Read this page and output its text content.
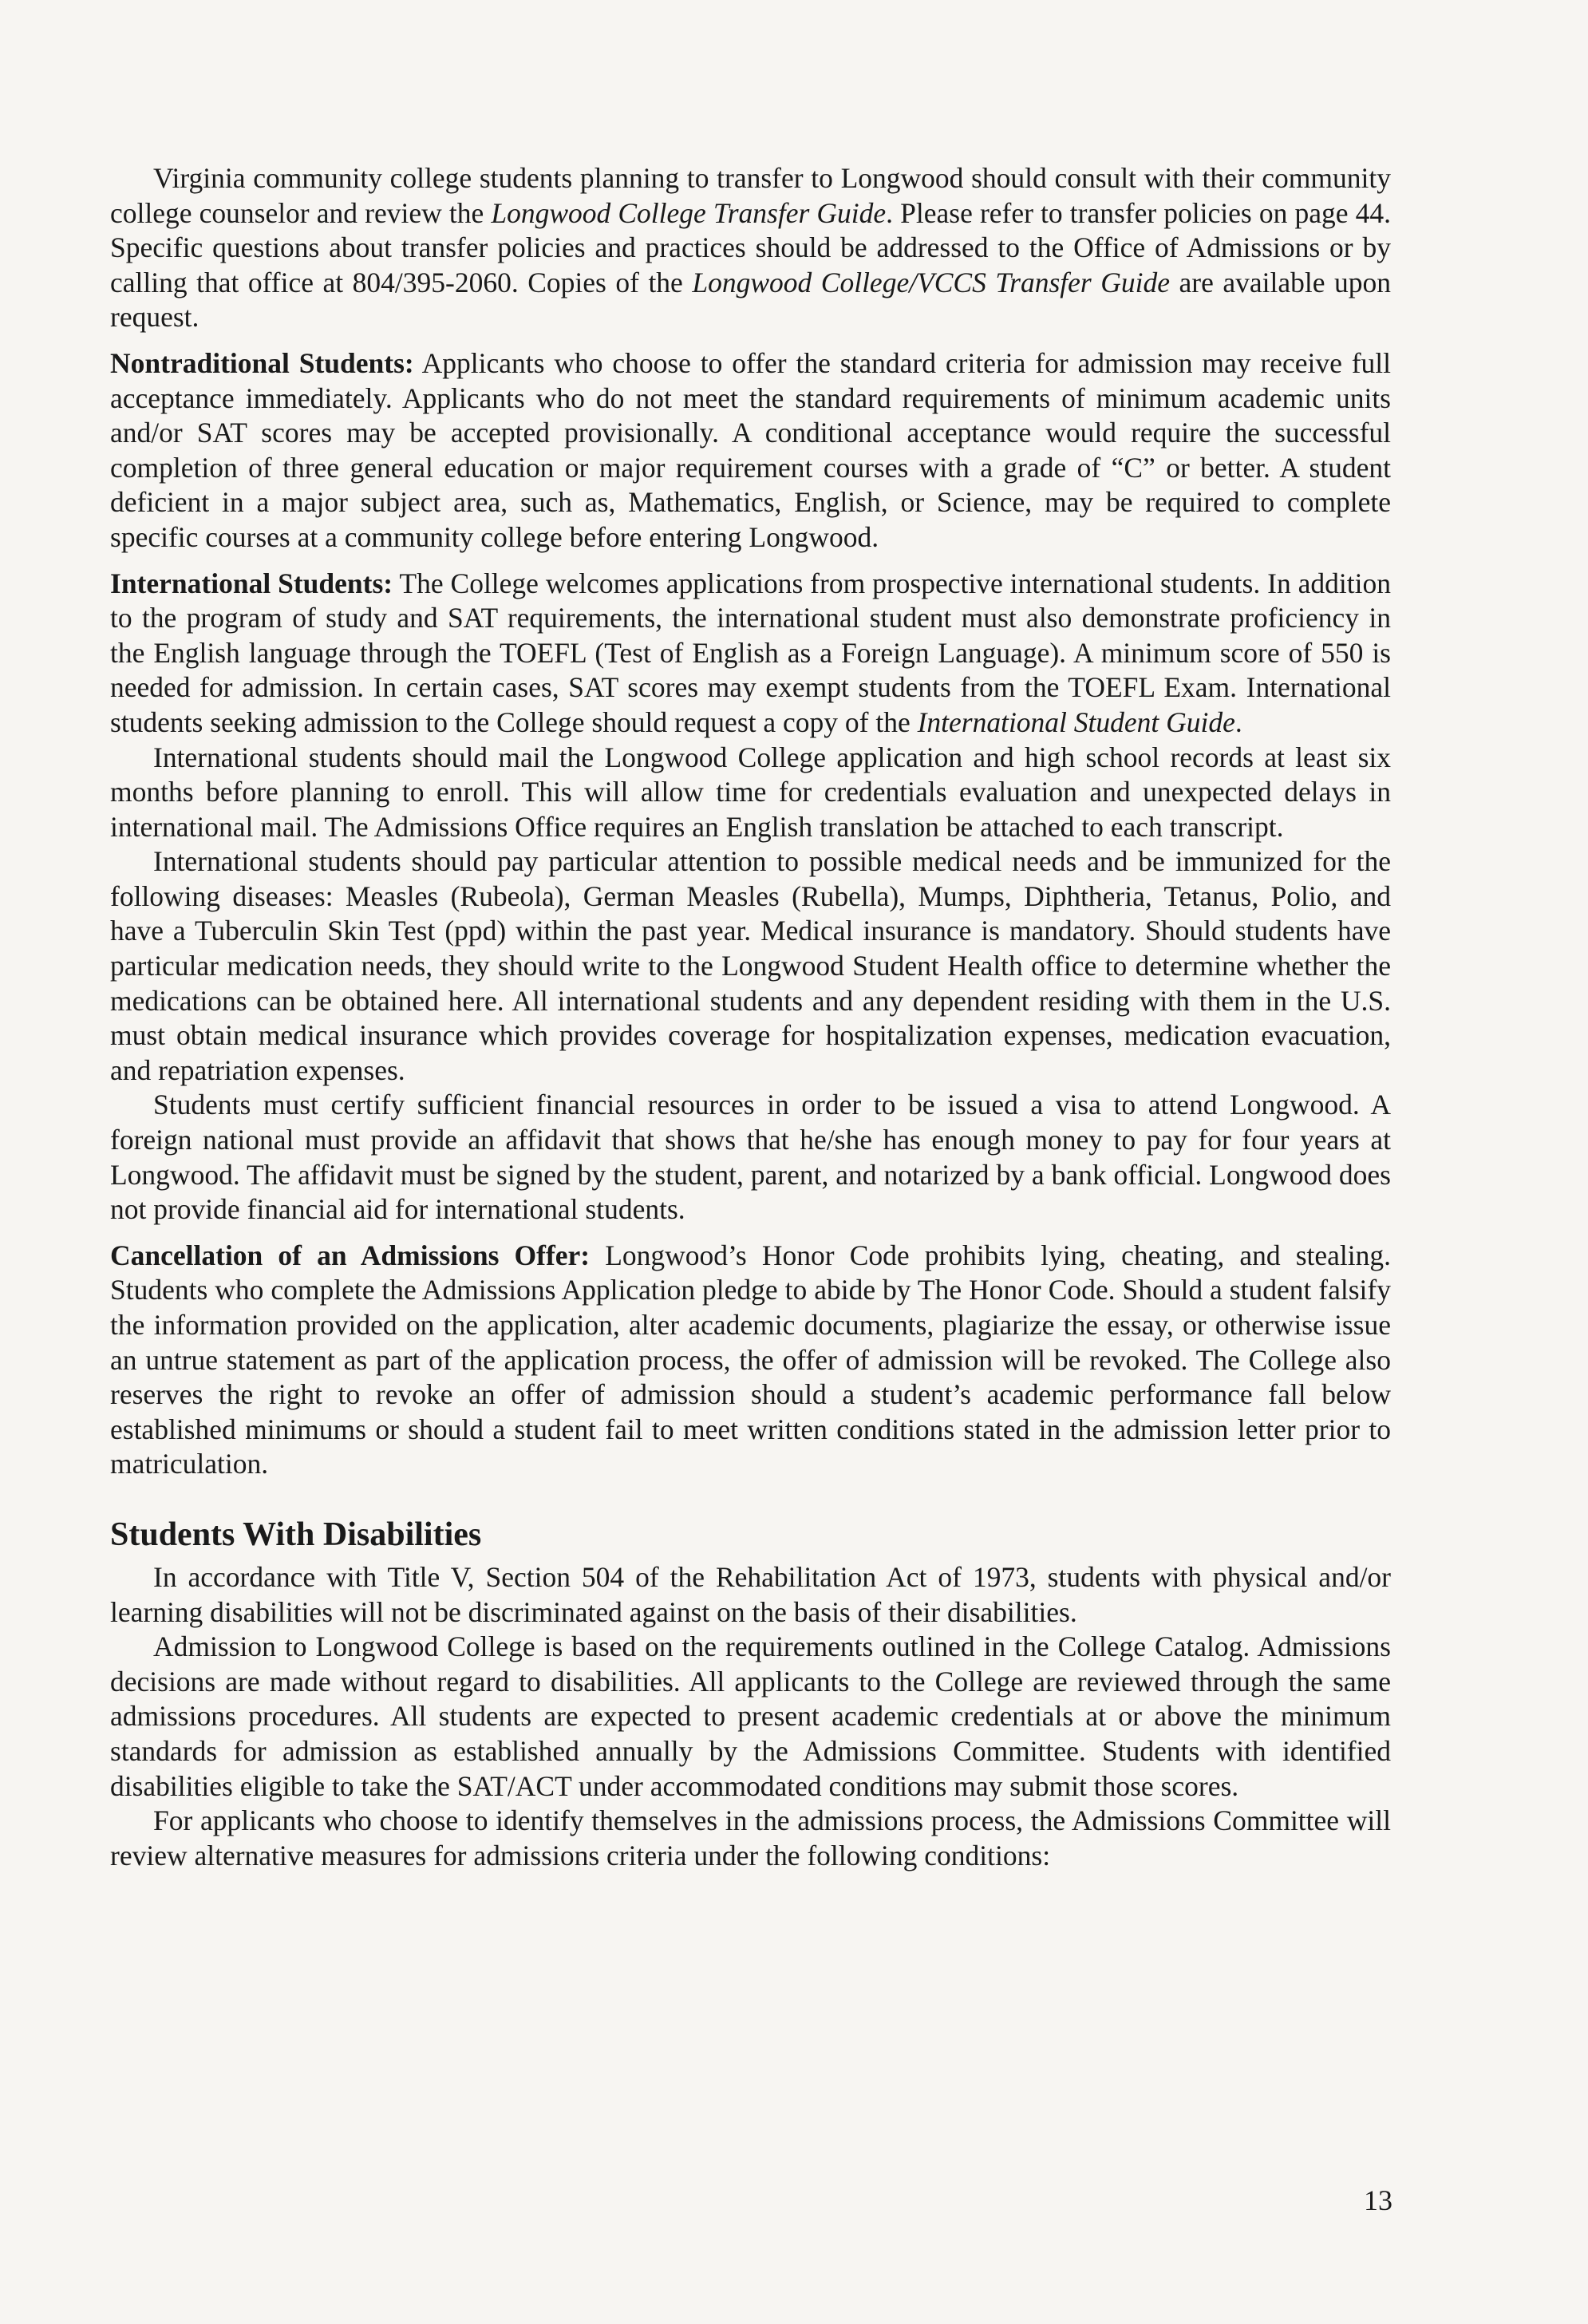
Virginia community college students planning to transfer to Longwood should consult with their community college counselor and review the Longwood College Transfer Guide. Please refer to transfer policies on page 44. Specific questions about transfer policies and practices should be addressed to the Office of Admissions or by calling that office at 804/395-2060. Copies of the Longwood College/VCCS Transfer Guide are available upon request.

Nontraditional Students: Applicants who choose to offer the standard criteria for admission may receive full acceptance immediately. Applicants who do not meet the standard requirements of minimum academic units and/or SAT scores may be accepted provisionally. A conditional acceptance would require the successful completion of three general education or major requirement courses with a grade of “C” or better. A student deficient in a major subject area, such as, Mathematics, English, or Science, may be required to complete specific courses at a community college before entering Longwood.

International Students: The College welcomes applications from prospective international students. In addition to the program of study and SAT requirements, the international student must also demonstrate proficiency in the English language through the TOEFL (Test of English as a Foreign Language). A minimum score of 550 is needed for admission. In certain cases, SAT scores may exempt students from the TOEFL Exam. International students seeking admission to the College should request a copy of the International Student Guide.

International students should mail the Longwood College application and high school records at least six months before planning to enroll. This will allow time for credentials evaluation and unexpected delays in international mail. The Admissions Office requires an English translation be attached to each transcript.

International students should pay particular attention to possible medical needs and be immunized for the following diseases: Measles (Rubeola), German Measles (Rubella), Mumps, Diphtheria, Tetanus, Polio, and have a Tuberculin Skin Test (ppd) within the past year. Medical insurance is mandatory. Should students have particular medication needs, they should write to the Longwood Student Health office to determine whether the medications can be obtained here. All international students and any dependent residing with them in the U.S. must obtain medical insurance which provides coverage for hospitalization expenses, medication evacuation, and repatriation expenses.

Students must certify sufficient financial resources in order to be issued a visa to attend Longwood. A foreign national must provide an affidavit that shows that he/she has enough money to pay for four years at Longwood. The affidavit must be signed by the student, parent, and notarized by a bank official. Longwood does not provide financial aid for international students.

Cancellation of an Admissions Offer: Longwood’s Honor Code prohibits lying, cheating, and stealing. Students who complete the Admissions Application pledge to abide by The Honor Code. Should a student falsify the information provided on the application, alter academic documents, plagiarize the essay, or otherwise issue an untrue statement as part of the application process, the offer of admission will be revoked. The College also reserves the right to revoke an offer of admission should a student’s academic performance fall below established minimums or should a student fail to meet written conditions stated in the admission letter prior to matriculation.

Students With Disabilities

In accordance with Title V, Section 504 of the Rehabilitation Act of 1973, students with physical and/or learning disabilities will not be discriminated against on the basis of their disabilities.

Admission to Longwood College is based on the requirements outlined in the College Catalog. Admissions decisions are made without regard to disabilities. All applicants to the College are reviewed through the same admissions procedures. All students are expected to present academic credentials at or above the minimum standards for admission as established annually by the Admissions Committee. Students with identified disabilities eligible to take the SAT/ACT under accommodated conditions may submit those scores.

For applicants who choose to identify themselves in the admissions process, the Admissions Committee will review alternative measures for admissions criteria under the following conditions:

13
